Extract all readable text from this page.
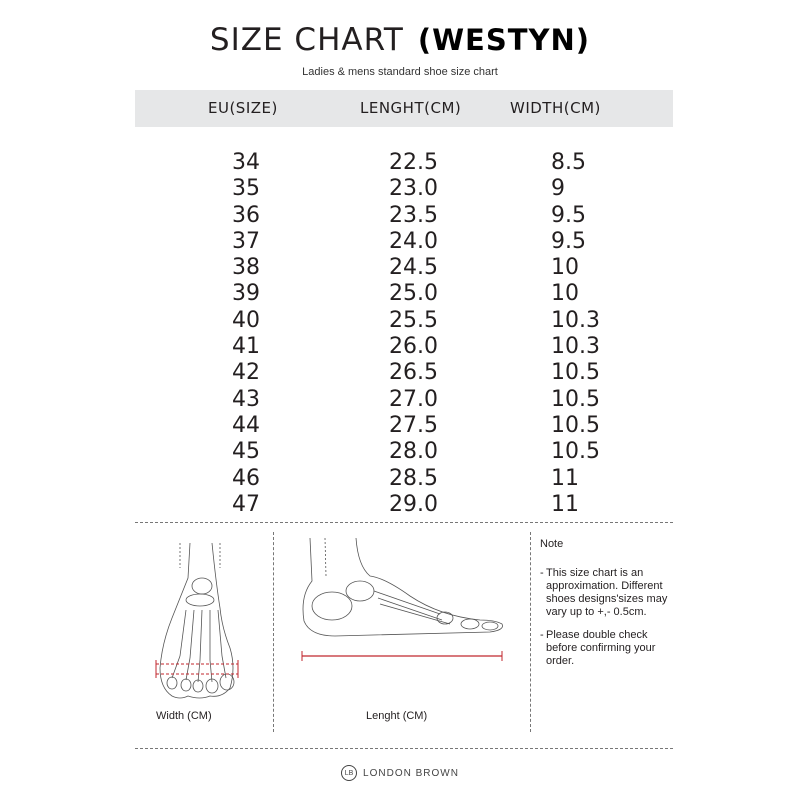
SIZE CHART (WESTYN)
Ladies & mens standard shoe size chart
EU(SIZE)	LENGHT(CM)	WIDTH(CM)
34	22.5	8.5
35	23.0	9
36	23.5	9.5
37	24.0	9.5
38	24.5	10
39	25.0	10
40	25.5	10.3
41	26.0	10.3
42	26.5	10.5
43	27.0	10.5
44	27.5	10.5
45	28.0	10.5
46	28.5	11
47	29.0	11
Width (CM)	Lenght (CM)
Note
- This size chart is an approximation. Different shoes designs'sizes may vary up to +,- 0.5cm.
- Please double check before confirming your order.
LB LONDON BROWN
